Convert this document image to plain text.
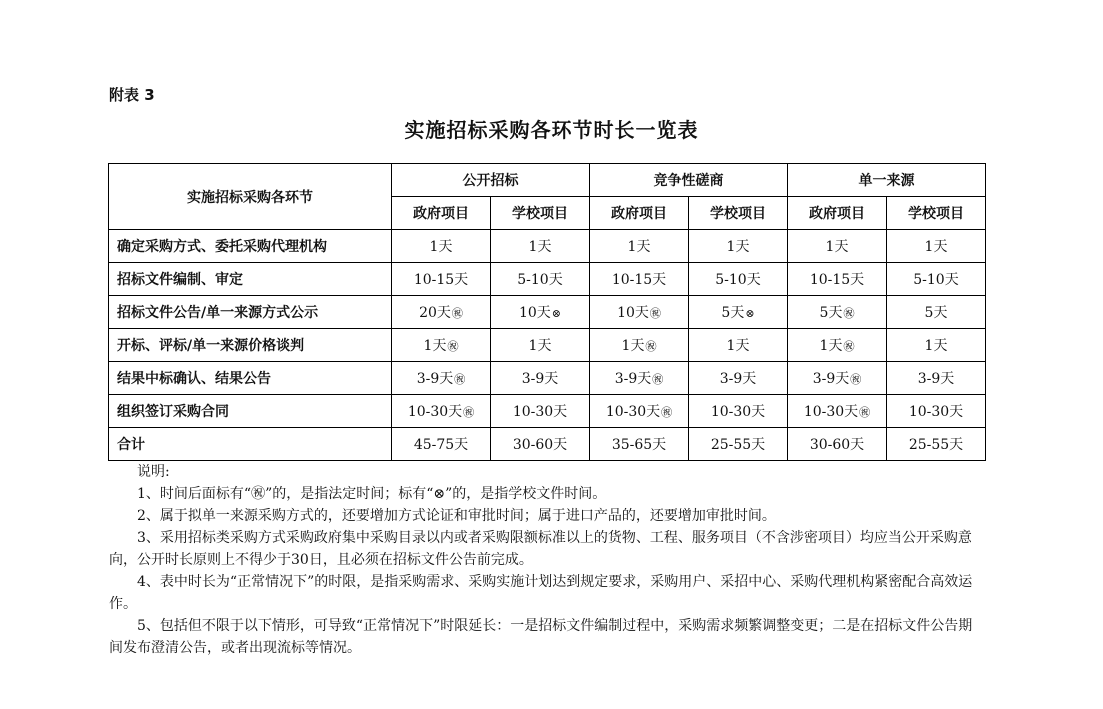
附表 3
实施招标采购各环节时长一览表
实施招标采购各环节	公开招标		竞争性磋商		单一来源	
	政府项目	学校项目	政府项目	学校项目	政府项目	学校项目
确定采购方式、委托采购代理机构	1天	1天	1天	1天	1天	1天
招标文件编制、审定	10-15天	5-10天	10-15天	5-10天	10-15天	5-10天
招标文件公告/单一来源方式公示	20天㊗	10天⊗	10天㊗	5天⊗	5天㊗	5天
开标、评标/单一来源价格谈判	1天㊗	1天	1天㊗	1天	1天㊗	1天
结果中标确认、结果公告	3-9天㊗	3-9天	3-9天㊗	3-9天	3-9天㊗	3-9天
组织签订采购合同	10-30天㊗	10-30天	10-30天㊗	10-30天	10-30天㊗	10-30天
合计	45-75天	30-60天	35-65天	25-55天	30-60天	25-55天

说明:

1、时间后面标有“㊗”的，是指法定时间；标有“⊗”的，是指学校文件时间。

2、属于拟单一来源采购方式的，还要增加方式论证和审批时间；属于进口产品的，还要增加审批时间。

3、采用招标类采购方式采购政府集中采购目录以内或者采购限额标准以上的货物、工程、服务项目（不含涉密项目）均应当公开采购意向，公开时长原则上不得少于30日，且必须在招标文件公告前完成。

4、表中时长为“正常情况下”的时限，是指采购需求、采购实施计划达到规定要求，采购用户、采招中心、采购代理机构紧密配合高效运作。

5、包括但不限于以下情形，可导致“正常情况下”时限延长：一是招标文件编制过程中，采购需求频繁调整变更；二是在招标文件公告期间发布澄清公告，或者出现流标等情况。
